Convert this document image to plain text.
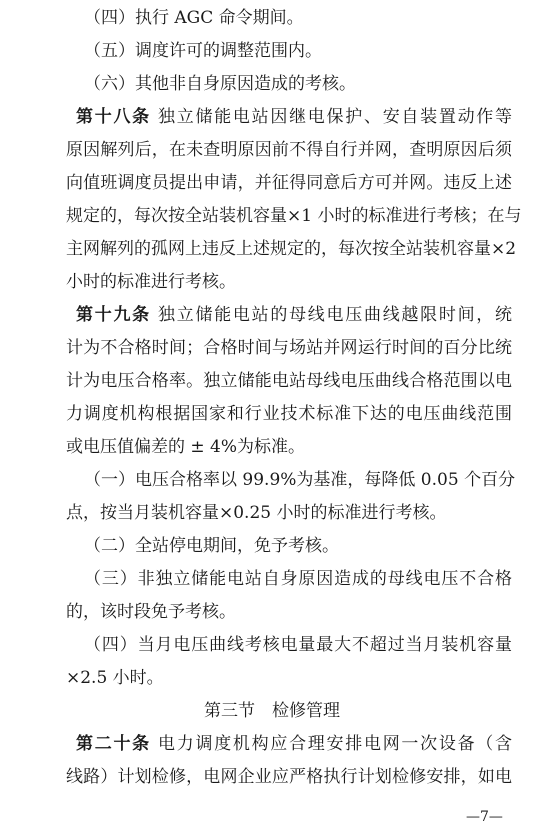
（四）执行 AGC 命令期间。
（五）调度许可的调整范围内。
（六）其他非自身原因造成的考核。
第十八条 独立储能电站因继电保护、安自装置动作等
原因解列后，在未查明原因前不得自行并网，查明原因后须
向值班调度员提出申请，并征得同意后方可并网。违反上述
规定的，每次按全站装机容量×1 小时的标准进行考核；在与
主网解列的孤网上违反上述规定的，每次按全站装机容量×2
小时的标准进行考核。
第十九条 独立储能电站的母线电压曲线越限时间，统
计为不合格时间；合格时间与场站并网运行时间的百分比统
计为电压合格率。独立储能电站母线电压曲线合格范围以电
力调度机构根据国家和行业技术标准下达的电压曲线范围
或电压值偏差的 ± 4%为标准。
（一）电压合格率以 99.9%为基准，每降低 0.05 个百分
点，按当月装机容量×0.25 小时的标准进行考核。
（二）全站停电期间，免予考核。
（三）非独立储能电站自身原因造成的母线电压不合格
的，该时段免予考核。
（四）当月电压曲线考核电量最大不超过当月装机容量
×2.5 小时。
第三节　检修管理
第二十条 电力调度机构应合理安排电网一次设备（含
线路）计划检修，电网企业应严格执行计划检修安排，如电
—7—
